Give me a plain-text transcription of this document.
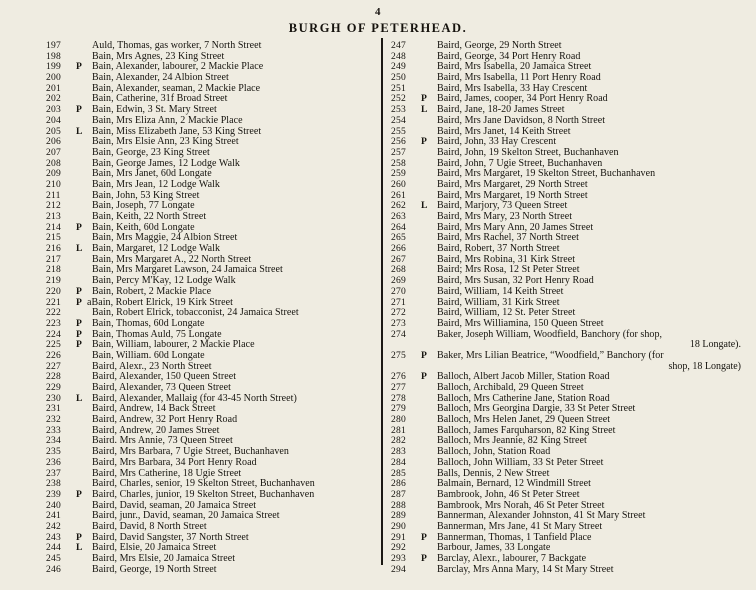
4
BURGH OF PETERHEAD.
197	Auld, Thomas, gas worker, 7 North Street
198	Bain, Mrs Agnes, 23 King Street
199	P	Bain, Alexander, labourer, 2 Mackie Place
200	Bain, Alexander, 24 Albion Street
201	Bain, Alexander, seaman, 2 Mackie Place
202	Bain, Catherine, 31f Broad Street
203	P	Bain, Edwin, 3 St. Mary Street
204	Bain, Mrs Eliza Ann, 2 Mackie Place
205	L Bain, Miss Elizabeth Jane, 53 King Street
206	Bain, Mrs Elsie Ann, 23 King Street
207	Bain, George, 23 King Street
208	Bain, George James, 12 Lodge Walk
209	Bain, Mrs Janet, 60d Longate
210	Bain, Mrs Jean, 12 Lodge Walk
211	Bain, John, 53 King Street
212	Bain, Joseph, 77 Longate
213	Bain, Keith, 22 North Street
214	P	Bain, Keith, 60d Longate
215	Bain, Mrs Maggie, 24 Albion Street
216	L Bain, Margaret, 12 Lodge Walk
217	Bain, Mrs Margaret A., 22 North Street
218	Bain, Mrs Margaret Lawson, 24 Jamaica Street
219	Bain, Percy M'Kay, 12 Lodge Walk
220	P	Bain, Robert, 2 Mackie Place
221	P aBain, Robert Elrick, 19 Kirk Street
222	Bain, Robert Elrick, tobacconist, 24 Jamaica Street
223	P	Bain, Thomas, 60d Longate
224	P	Bain, Thomas Auld, 75 Longate
225	P	Bain, William, labourer, 2 Mackie Place
226	Bain, William. 60d Longate
227	Baird, Alexr., 23 North Street
228	Baird, Alexander, 150 Queen Street
229	Baird, Alexander, 73 Queen Street
230	L Baird, Alexander, Mallaig (for 43-45 North Street)
231	Baird, Andrew, 14 Back Street
232	Baird, Andrew, 32 Port Henry Road
233	Baird, Andrew, 20 James Street
234	Baird. Mrs Annie, 73 Queen Street
235	Baird, Mrs Barbara, 7 Ugie Street, Buchanhaven
236	Baird, Mrs Barbara, 34 Port Henry Road
237	Baird, Mrs Catherine, 18 Ugie Street
238	Baird, Charles, senior, 19 Skelton Street, Buchanhaven
239	P	Baird, Charles, junior, 19 Skelton Street, Buchanhaven
240	Baird, David, seaman, 20 Jamaica Street
241	Baird, junr., David, seaman, 20 Jamaica Street
242	Baird, David, 8 North Street
243	P	Baird, David Sangster, 37 North Street
244	L Baird, Elsie, 20 Jamaica Street
245	Baird, Mrs Elsie, 20 Jamaica Street
246	Baird, George, 19 North Street
247	Baird, George, 29 North Street
248	Baird, George, 34 Port Henry Road
249	Baird, Mrs Isabella, 20 Jamaica Street
250	Baird, Mrs Isabella, 11 Port Henry Road
251	Baird, Mrs Isabella, 33 Hay Crescent
252	P	Baird, James, cooper, 34 Port Henry Road
253	L Baird, Jane, 18-20 James Street
254	Baird, Mrs Jane Davidson, 8 North Street
255	Baird, Mrs Janet, 14 Keith Street
256	P	Baird, John, 33 Hay Crescent
257	Baird, John, 19 Skelton Street, Buchanhaven
258	Baird, John, 7 Ugie Street, Buchanhaven
259	Baird, Mrs Margaret, 19 Skelton Street, Buchanhaven
260	Baird, Mrs Margaret, 29 North Street
261	Baird, Mrs Margaret, 19 North Street
262	L Baird, Marjory, 73 Queen Street
263	Baird, Mrs Mary, 23 North Street
264	Baird, Mrs Mary Ann, 20 James Street
265	Baird, Mrs Rachel, 37 North Street
266	Baird, Robert, 37 North Street
267	Baird, Mrs Robina, 31 Kirk Street
268	Baird; Mrs Rosa, 12 St Peter Street
269	Baird, Mrs Susan, 32 Port Henry Road
270	Baird, William, 14 Keith Street
271	Baird, William, 31 Kirk Street
272	Baird, William, 12 St. Peter Street
273	Baird, Mrs Williamina, 150 Queen Street
274	Baker, Joseph William, Woodfield, Banchory (for shop,
18 Longate).
275	P	Baker, Mrs Lilian Beatrice, “Woodfield,” Banchory (for
shop, 18 Longate)
276	P	Balloch, Albert Jacob Miller, Station Road
277	Balloch, Archibald, 29 Queen Street
278	Balloch, Mrs Catherine Jane, Station Road
279	Balloch, Mrs Georgina Dargie, 33 St Peter Street
280	Balloch, Mrs Helen Janet, 29 Queen Street
281	Balloch, James Farquharson, 82 King Street
282	Balloch, Mrs Jeannie, 82 King Street
283	Balloch, John, Station Road
284	Balloch, John William, 33 St Peter Street
285	Balls, Dennis, 2 New Street
286	Balmain, Bernard, 12 Windmill Street
287	Bambrook, John, 46 St Peter Street
288	Bambrook, Mrs Norah, 46 St Peter Street
289	Bannerman, Alexander Johnston, 41 St Mary Street
290	Bannerman, Mrs Jane, 41 St Mary Street
291	P	Bannerman, Thomas, 1 Tanfield Place
292	Barbour, James, 33 Longate
293	P	Barclay, Alexr., labourer, 7 Backgate
294	Barclay, Mrs Anna Mary, 14 St Mary Street
